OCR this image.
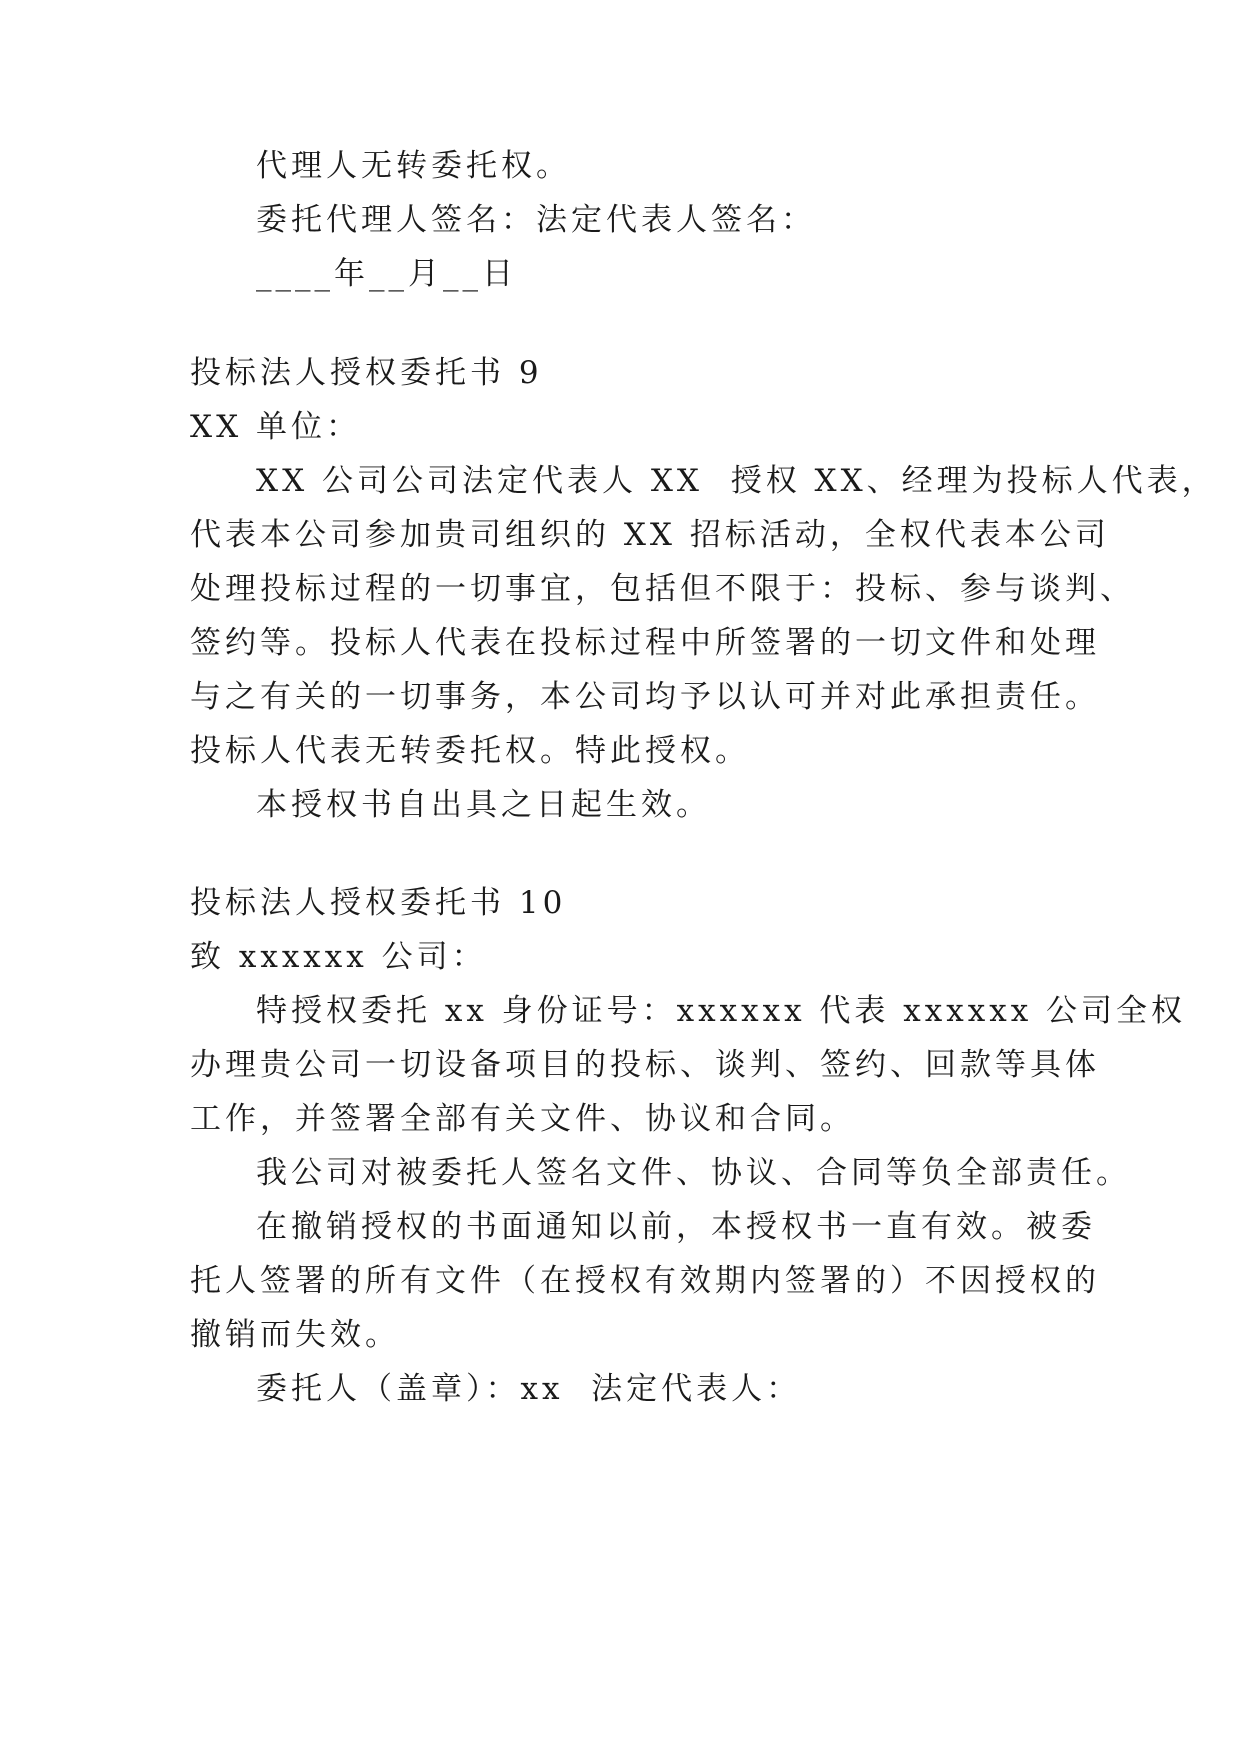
代理人无转委托权。
委托代理人签名：法定代表人签名：
____年__月__日
投标法人授权委托书 9
XX 单位：
XX 公司公司法定代表人 XX  授权 XX、经理为投标人代表，
代表本公司参加贵司组织的 XX 招标活动，全权代表本公司
处理投标过程的一切事宜，包括但不限于：投标、参与谈判、
签约等。投标人代表在投标过程中所签署的一切文件和处理
与之有关的一切事务，本公司均予以认可并对此承担责任。
投标人代表无转委托权。特此授权。
本授权书自出具之日起生效。
投标法人授权委托书 10
致 xxxxxx 公司：
特授权委托 xx 身份证号：xxxxxx 代表 xxxxxx 公司全权
办理贵公司一切设备项目的投标、谈判、签约、回款等具体
工作，并签署全部有关文件、协议和合同。
我公司对被委托人签名文件、协议、合同等负全部责任。
在撤销授权的书面通知以前，本授权书一直有效。被委
托人签署的所有文件（在授权有效期内签署的）不因授权的
撤销而失效。
委托人（盖章）：xx  法定代表人：
